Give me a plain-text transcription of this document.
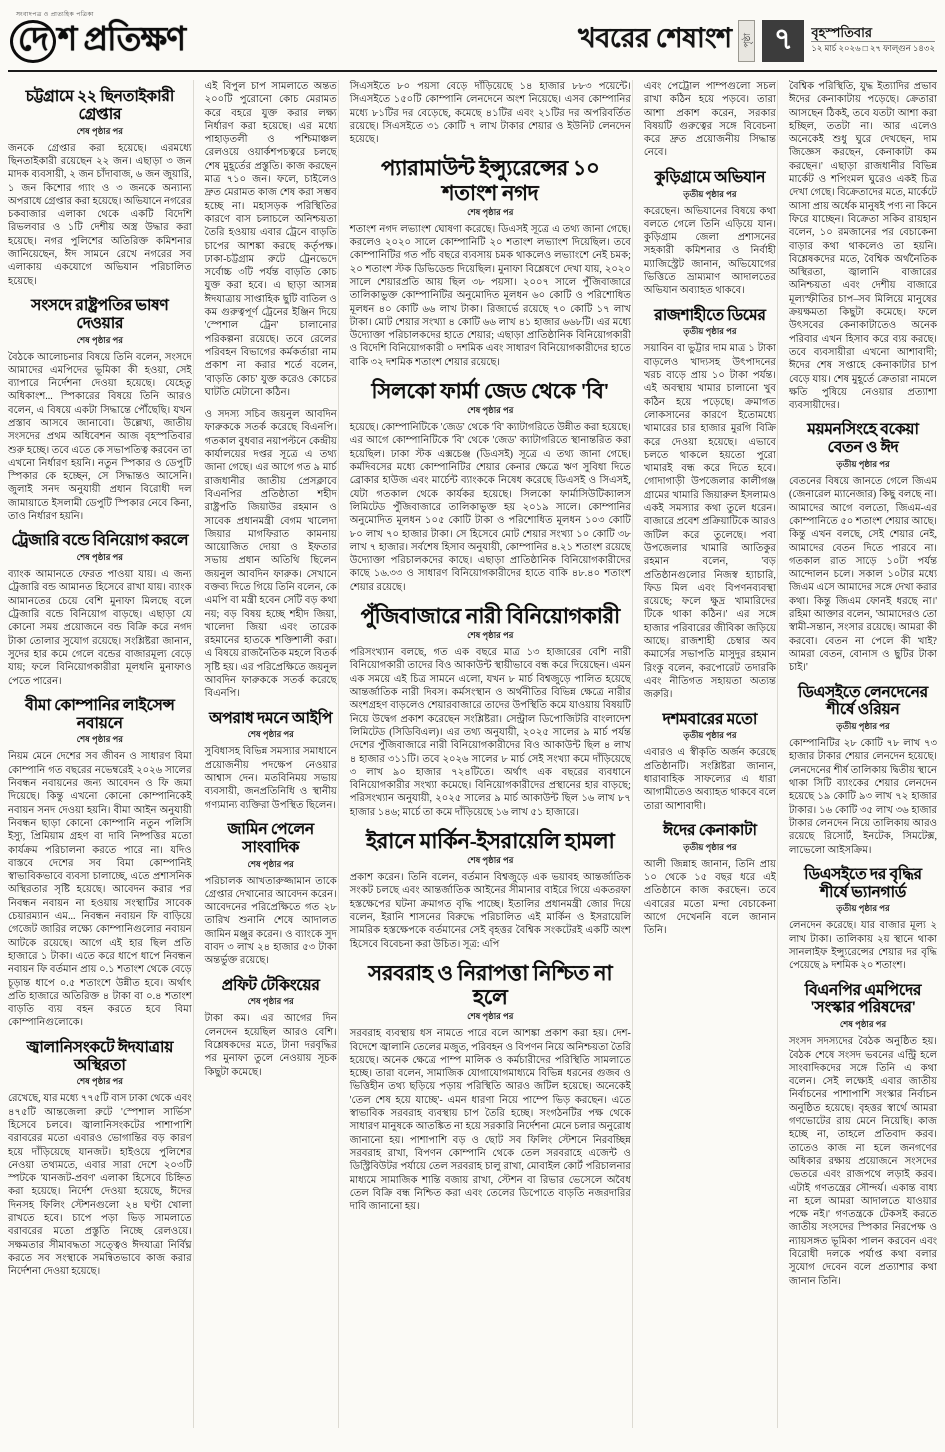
সংবাদপত্র ও প্রাত্যহিক পত্রিকা
দে শ প্রতিক্ষণ	খবরের শেষাংশ	পৃষ্ঠা ৭	বৃহস্পতিবার
১২ মার্চ ২০২৬ □ ২৭ ফাল্গুন ১৪৩২
চট্টগ্রামে ২২ ছিনতাইকারী গ্রেপ্তার
শেষ পৃষ্ঠার পর

জনকে গ্রেপ্তার করা হয়েছে। এরমধ্যে ছিনতাইকারী রয়েছেন ২২ জন। এছাড়া ৩ জন মাদক ব্যবসায়ী, ২ জন চাঁদাবাজ, ৬ জন জুয়ারি, ১ জন কিশোর গ্যাং ও ৩ জনকে অন্যান্য অপরাধে গ্রেপ্তার করা হয়েছে। অভিযানে নগরের চকবাজার এলাকা থেকে একটি বিদেশি রিভলবার ও ১টি দেশীয় অস্ত্র উদ্ধার করা হয়েছে। নগর পুলিশের অতিরিক্ত কমিশনার জানিয়েছেন, ঈদ সামনে রেখে নগরের সব এলাকায় একযোগে অভিযান পরিচালিত হয়েছে।

সংসদে রাষ্ট্রপতির ভাষণ দেওয়ার
শেষ পৃষ্ঠার পর

বৈঠকে আলোচনার বিষয়ে তিনি বলেন, সংসদে আমাদের এমপিদের ভূমিকা কী হওয়া, সেই ব্যাপারে নির্দেশনা দেওয়া হয়েছে। যেহেতু অধিকাংশ... স্পিকারের বিষয়ে তিনি আরও বলেন, এ বিষয়ে একটা সিদ্ধান্তে পৌঁছেছি। যখন প্রস্তাব আসবে জানাবো। উল্লেখ্য, জাতীয় সংসদের প্রথম অধিবেশন আজ বৃহস্পতিবার শুরু হচ্ছে। তবে এতে কে সভাপতিত্ব করবেন তা এখনো নির্ধারণ হয়নি। নতুন স্পিকার ও ডেপুটি স্পিকার কে হচ্ছেন, সে সিদ্ধান্তও আসেনি। জুলাই সনদ অনুযায়ী প্রধান বিরোধী দল জামায়াতে ইসলামী ডেপুটি স্পিকার নেবে কিনা, তাও নির্ধারণ হয়নি।

ট্রেজারি বন্ডে বিনিয়োগ করলে
শেষ পৃষ্ঠার পর

ব্যাংক আমানতে ফেরত পাওয়া যায়। এ জন্য ট্রেজারি বন্ড আমানত হিসেবে রাখা যায়। ব্যাংক আমানতের চেয়ে বেশি মুনাফা মিলছে বলে ট্রেজারি বন্ডে বিনিয়োগ বাড়ছে। এছাড়া যে কোনো সময় প্রয়োজনে বন্ড বিক্রি করে নগদ টাকা তোলার সুযোগ রয়েছে। সংশ্লিষ্টরা জানান, সুদের হার কমে গেলে বন্ডের বাজারমূল্য বেড়ে যায়; ফলে বিনিয়োগকারীরা মূলধনি মুনাফাও পেতে পারেন।

বীমা কোম্পানির লাইসেন্স নবায়নে
শেষ পৃষ্ঠার পর

নিয়ম মেনে দেশের সব জীবন ও সাধারণ বিমা কোম্পানি গত বছরের নভেম্বরেই ২০২৬ সালের নিবন্ধন নবায়নের জন্য আবেদন ও ফি জমা দিয়েছে। কিন্তু এখনো কোনো কোম্পানিকেই নবায়ন সনদ দেওয়া হয়নি। বীমা আইন অনুযায়ী নিবন্ধন ছাড়া কোনো কোম্পানি নতুন পলিসি ইস্যু, প্রিমিয়াম গ্রহণ বা দাবি নিষ্পত্তির মতো কার্যক্রম পরিচালনা করতে পারে না। যদিও বাস্তবে দেশের সব বিমা কোম্পানিই স্বাভাবিকভাবে ব্যবসা চালাচ্ছে, এতে প্রশাসনিক অস্থিরতার সৃষ্টি হয়েছে। আবেদন করার পর নিবন্ধন নবায়ন না হওয়ায় সংস্থাটির সাবেক চেয়ারম্যান এম... নিবন্ধন নবায়ন ফি বাড়িয়ে গেজেট জারির লক্ষ্যে কোম্পানিগুলোর নবায়ন আটকে রয়েছে। আগে এই হার ছিল প্রতি হাজারে ১ টাকা। এতে করে ধাপে ধাপে নিবন্ধন নবায়ন ফি বর্তমান প্রায় ০.১ শতাংশ থেকে বেড়ে চূড়ান্ত ধাপে ০.৫ শতাংশে উন্নীত হবে। অর্থাৎ প্রতি হাজারে অতিরিক্ত ৪ টাকা বা ০.৪ শতাংশ বাড়তি ব্যয় বহন করতে হবে বিমা কোম্পানিগুলোকে।

জ্বালানিসংকটে ঈদযাত্রায় অস্থিরতা
শেষ পৃষ্ঠার পর

রেখেছে, যার মধ্যে ৭৭৫টি বাস ঢাকা থেকে এবং ৪৭৫টি আন্তজেলা রুটে 'স্পেশাল সার্ভিস' হিসেবে চলবে। জ্বালানিসংকটের পাশাপাশি বরাবরের মতো এবারও ভোগান্তির বড় কারণ হয়ে দাঁড়িয়েছে যানজট। হাইওয়ে পুলিশের নেওয়া তথ্যমতে, এবার সারা দেশে ২০৩টি স্পটকে 'যানজট-প্রবণ' এলাকা হিসেবে চিহ্নিত করা হয়েছে। নির্দেশ দেওয়া হয়েছে, ঈদের দিনসহ ফিলিং স্টেশনগুলো ২৪ ঘণ্টা খোলা রাখতে হবে। চাপে পড়া ভিড় সামলাতে বরাবরের মতো প্রস্তুতি নিচ্ছে রেলওয়ে। সক্ষমতার সীমাবদ্ধতা সত্ত্বেও ঈদযাত্রা নির্বিঘ্ন করতে সব সংস্থাকে সমন্বিতভাবে কাজ করার নির্দেশনা দেওয়া হয়েছে।

এই বিপুল চাপ সামলাতে অন্তত ২০০টি পুরোনো কোচ মেরামত করে বহরে যুক্ত করার লক্ষ্য নির্ধারণ করা হয়েছে। এর মধ্যে পাহাড়তলী ও পশ্চিমাঞ্চল রেলওয়ে ওয়ার্কশপচত্বরে চলছে শেষ মুহূর্তের প্রস্তুতি। কাজ করছেন মাত্র ৭১০ জন। ফলে, চাইলেও দ্রুত মেরামত কাজ শেষ করা সম্ভব হচ্ছে না। মহাসড়ক পরিস্থিতির কারণে বাস চলাচলে অনিশ্চয়তা তৈরি হওয়ায় এবার ট্রেনে বাড়তি চাপের আশঙ্কা করছে কর্তৃপক্ষ। ঢাকা-চট্টগ্রাম রুটে ট্রেনভেদে সর্বোচ্চ ৩টি পর্যন্ত বাড়তি কোচ যুক্ত করা হবে। এ ছাড়া আসন্ন ঈদযাত্রায় সাপ্তাহিক ছুটি বাতিল ও কম গুরুত্বপূর্ণ ট্রেনের ইঞ্জিন দিয়ে 'স্পেশাল ট্রেন' চালানোর পরিকল্পনা রয়েছে। তবে রেলের পরিবহন বিভাগের কর্মকর্তারা নাম প্রকাশ না করার শর্তে বলেন, 'বাড়তি কোচ' যুক্ত করেও কোচের ঘাটতি মেটানো কঠিন।

ও সদস্য সচিব জয়নুল আবদিন ফারুককে সতর্ক করেছে বিএনপি। গতকাল বুধবার নয়াপল্টনে কেন্দ্রীয় কার্যালয়ের দপ্তর সূত্রে এ তথ্য জানা গেছে। এর আগে গত ৯ মার্চ রাজধানীর জাতীয় প্রেসক্লাবে বিএনপির প্রতিষ্ঠাতা শহীদ রাষ্ট্রপতি জিয়াউর রহমান ও সাবেক প্রধানমন্ত্রী বেগম খালেদা জিয়ার মাগফিরাত কামনায় আয়োজিত দোয়া ও ইফতার সভায় প্রধান অতিথি ছিলেন জয়নুল আবদিন ফারুক। সেখানে বক্তব্য দিতে গিয়ে তিনি বলেন, কে এমপি বা মন্ত্রী হবেন সেটি বড় কথা নয়; বড় বিষয় হচ্ছে শহীদ জিয়া, খালেদা জিয়া এবং তারেক রহমানের হাতকে শক্তিশালী করা। এ বিষয়ে রাজনৈতিক মহলে বিতর্ক সৃষ্টি হয়। এর পরিপ্রেক্ষিতে জয়নুল আবদিন ফারুককে সতর্ক করেছে বিএনপি।

অপরাধ দমনে আইপি
শেষ পৃষ্ঠার পর

সুবিধাসহ বিভিন্ন সমস্যার সমাধানে প্রয়োজনীয় পদক্ষেপ নেওয়ার আশ্বাস দেন। মতবিনিময় সভায় ব্যবসায়ী, জনপ্রতিনিধি ও স্থানীয় গণ্যমান্য ব্যক্তিরা উপস্থিত ছিলেন।

জামিন পেলেন সাংবাদিক
শেষ পৃষ্ঠার পর

পরিচালক আখতারুজ্জামান তাকে গ্রেপ্তার দেখানোর আবেদন করেন। আবেদনের পরিপ্রেক্ষিতে গত ২৮ তারিখ শুনানি শেষে আদালত জামিন মঞ্জুর করেন। ও ব্যাংকে সুদ বাবদ ৩ লাখ ২৪ হাজার ৫৩ টাকা অন্তর্ভুক্ত রয়েছে।

প্রফিট টেকিংয়ের
শেষ পৃষ্ঠার পর

টাকা কম। এর আগের দিন লেনদেন হয়েছিল আরও বেশি। বিশ্লেষকদের মতে, টানা দরবৃদ্ধির পর মুনাফা তুলে নেওয়ায় সূচক কিছুটা কমেছে।

সিএসইতে ৮০ পয়সা বেড়ে দাঁড়িয়েছে ১৪ হাজার ৮৮৩ পয়েন্টে। সিএসইতে ১৫০টি কোম্পানি লেনদেনে অংশ নিয়েছে। এসব কোম্পানির মধ্যে ৮১টির দর বেড়েছে, কমেছে ৪১টির এবং ২১টির দর অপরিবর্তিত রয়েছে। সিএসইতে ৩১ কোটি ৭ লাখ টাকার শেয়ার ও ইউনিট লেনদেন হয়েছে।

প্যারামাউন্ট ইন্স্যুরেন্সের ১০ শতাংশ নগদ
শেষ পৃষ্ঠার পর

শতাংশ নগদ লভ্যাংশ ঘোষণা করেছে। ডিএসই সূত্রে এ তথ্য জানা গেছে। করলেও ২০২০ সালে কোম্পানিটি ২০ শতাংশ লভ্যাংশ দিয়েছিল। তবে কোম্পানিটির গত পাঁচ বছরে ব্যবসায় চমক থাকলেও লভ্যাংশে নেই চমক; ২০ শতাংশ স্টক ডিভিডেন্ড দিয়েছিল। মুনাফা বিশ্লেষণে দেখা যায়, ২০২০ সালে শেয়ারপ্রতি আয় ছিল ৩৮ পয়সা। ২০০৭ সালে পুঁজিবাজারে তালিকাভুক্ত কোম্পানিটির অনুমোদিত মূলধন ৬০ কোটি ও পরিশোধিত মূলধন ৪০ কোটি ৬৬ লাখ টাকা। রিজার্ভে রয়েছে ৭০ কোটি ১৭ লাখ টাকা। মোট শেয়ার সংখ্যা ৪ কোটি ৬৬ লাখ ৪১ হাজার ৬৬৮টি। এর মধ্যে উদ্যোক্তা পরিচালকদের হাতে শেয়ার; এছাড়া প্রাতিষ্ঠানিক বিনিয়োগকারী ও বিদেশি বিনিয়োগকারী ০ দশমিক এবং সাধারণ বিনিয়োগকারীদের হাতে বাকি ৩২ দশমিক শতাংশ শেয়ার রয়েছে।

সিলকো ফার্মা জেড থেকে 'বি'
শেষ পৃষ্ঠার পর

হয়েছে। কোম্পানিটিকে 'জেড' থেকে 'বি' ক্যাটাগরিতে উন্নীত করা হয়েছে। এর আগে কোম্পানিটিকে 'বি' থেকে 'জেড' ক্যাটাগরিতে স্থানান্তরিত করা হয়েছিল। ঢাকা স্টক এক্সচেঞ্জ (ডিএসই) সূত্রে এ তথ্য জানা গেছে। কর্মদিবসের মধ্যে কোম্পানিটির শেয়ার কেনার ক্ষেত্রে ঋণ সুবিধা দিতে ব্রোকার হাউজ এবং মার্চেন্ট ব্যাংককে নিষেধ করেছে ডিএসই ও সিএসই, যেটা গতকাল থেকে কার্যকর হয়েছে। সিলকো ফার্মাসিউটিক্যালস লিমিটেড পুঁজিবাজারে তালিকাভুক্ত হয় ২০১৯ সালে। কোম্পানির অনুমোদিত মূলধন ১০৫ কোটি টাকা ও পরিশোধিত মূলধন ১০৩ কোটি ৮০ লাখ ৭০ হাজার টাকা। সে হিসেবে মোট শেয়ার সংখ্যা ১০ কোটি ৩৮ লাখ ৭ হাজার। সর্বশেষ হিসাব অনুযায়ী, কোম্পানির ৪.২১ শতাংশ রয়েছে উদ্যোক্তা পরিচালকদের কাছে। এছাড়া প্রাতিষ্ঠানিক বিনিয়োগকারীদের কাছে ১৬.৩৩ ও সাধারণ বিনিয়োগকারীদের হাতে বাকি ৪৮.৪০ শতাংশ শেয়ার রয়েছে।

পুঁজিবাজারে নারী বিনিয়োগকারী
শেষ পৃষ্ঠার পর

পরিসংখ্যান বলছে, গত এক বছরে মাত্র ১৩ হাজারের বেশি নারী বিনিয়োগকারী তাদের বিও আকাউন্ট স্থায়ীভাবে বন্ধ করে দিয়েছেন। এমন এক সময়ে এই চিত্র সামনে এলো, যখন ৮ মার্চ বিশ্বজুড়ে পালিত হয়েছে আন্তর্জাতিক নারী দিবস। কর্মসংস্থান ও অর্থনীতির বিভিন্ন ক্ষেত্রে নারীর অংশগ্রহণ বাড়লেও শেয়ারবাজারে তাদের উপস্থিতি কমে যাওয়ায় বিষয়টি নিয়ে উদ্বেগ প্রকাশ করেছেন সংশ্লিষ্টরা। সেন্ট্রাল ডিপোজিটরি বাংলাদেশ লিমিটেড (সিডিবিএল)। এর তথ্য অনুযায়ী, ২০২৫ সালের ৯ মার্চ পর্যন্ত দেশের পুঁজিবাজারে নারী বিনিয়োগকারীদের বিও আকাউন্ট ছিল ৪ লাখ ৪ হাজার ৩১১টি। তবে ২০২৬ সালের ৮ মার্চ সেই সংখ্যা কমে দাঁড়িয়েছে ৩ লাখ ৯০ হাজার ৭২৪টিতে। অর্থাৎ এক বছরের ব্যবধানে বিনিয়োগকারীর সংখ্যা কমেছে। বিনিয়োগকারীদের প্রস্থানের হার বাড়ছে; পরিসংখ্যান অনুযায়ী, ২০২৫ সালের ৯ মার্চ আকাউন্ট ছিল ১৬ লাখ ৮৭ হাজার ১৪৬; মার্চে তা কমে দাঁড়িয়েছে ১৬ লাখ ৫১ হাজারে।

ইরানে মার্কিন-ইসরায়েলি হামলা
শেষ পৃষ্ঠার পর

প্রকাশ করেন। তিনি বলেন, বর্তমান বিশ্বজুড়ে এক ভয়াবহ আন্তর্জাতিক সংকট চলছে এবং আন্তর্জাতিক আইনের সীমানার বাইরে গিয়ে একতরফা হস্তক্ষেপের ঘটনা ক্রমাগত বৃদ্ধি পাচ্ছে। ইতালির প্রধানমন্ত্রী জোর দিয়ে বলেন, ইরানি শাসনের বিরুদ্ধে পরিচালিত এই মার্কিন ও ইসরায়েলি সামরিক হস্তক্ষেপকে বর্তমানের সেই বৃহত্তর বৈশ্বিক সংকটেরই একটি অংশ হিসেবে বিবেচনা করা উচিত। সূত্র: এপি

সরবরাহ ও নিরাপত্তা নিশ্চিত না হলে
শেষ পৃষ্ঠার পর

সরবরাহ ব্যবস্থায় ধস নামতে পারে বলে আশঙ্কা প্রকাশ করা হয়। দেশ-বিদেশে জ্বালানি তেলের মজুত, পরিবহন ও বিপণন নিয়ে অনিশ্চয়তা তৈরি হয়েছে। অনেক ক্ষেত্রে পাম্প মালিক ও কর্মচারীদের পরিস্থিতি সামলাতে হচ্ছে। তারা বলেন, সামাজিক যোগাযোগমাধ্যমে বিভিন্ন ধরনের গুজব ও ভিত্তিহীন তথ্য ছড়িয়ে পড়ায় পরিস্থিতি আরও জটিল হয়েছে। অনেকেই 'তেল শেষ হয়ে যাচ্ছে'- এমন ধারণা নিয়ে পাম্পে ভিড় করছেন। এতে স্বাভাবিক সরবরাহ ব্যবস্থায় চাপ তৈরি হচ্ছে। সংগঠনটির পক্ষ থেকে সাধারণ মানুষকে আতঙ্কিত না হয়ে সরকারি নির্দেশনা মেনে চলার অনুরোধ জানানো হয়। পাশাপাশি বড় ও ছোট সব ফিলিং স্টেশনে নিরবচ্ছিন্ন সরবরাহ রাখা, বিপণন কোম্পানি থেকে তেল সরবরাহে এজেন্ট ও ডিস্ট্রিবিউটর পর্যায়ে তেল সরবরাহ চালু রাখা, মোবাইল কোর্ট পরিচালনার মাধ্যমে সামাজিক শান্তি বজায় রাখা, স্টেশন বা রিভার ভেসেলে অবৈধ তেল বিক্রি বন্ধ নিশ্চিত করা এবং তেলের ডিপোতে বাড়তি নজরদারির দাবি জানানো হয়।

এবং পেট্রোল পাম্পগুলো সচল রাখা কঠিন হয়ে পড়বে। তারা আশা প্রকাশ করেন, সরকার বিষয়টি গুরুত্বের সঙ্গে বিবেচনা করে দ্রুত প্রয়োজনীয় সিদ্ধান্ত নেবে।

কুড়িগ্রামে অভিযান
তৃতীয় পৃষ্ঠার পর

করেছেন। অভিযানের বিষয়ে কথা বলতে গেলে তিনি এড়িয়ে যান। কুড়িগ্রাম জেলা প্রশাসনের সহকারী কমিশনার ও নির্বাহী ম্যাজিস্ট্রেট জানান, অভিযোগের ভিত্তিতে ভ্রাম্যমাণ আদালতের অভিযান অব্যাহত থাকবে।

রাজশাহীতে ডিমের
তৃতীয় পৃষ্ঠার পর

সয়াবিন বা ভুট্টার দাম মাত্র ১ টাকা বাড়লেও খাদ্যসহ উৎপাদনের খরচ বাড়ে প্রায় ১০ টাকা পর্যন্ত। এই অবস্থায় খামার চালানো খুব কঠিন হয়ে পড়েছে। ক্রমাগত লোকসানের কারণে ইতোমধ্যে খামারের চার হাজার মুরগি বিক্রি করে দেওয়া হয়েছে। এভাবে চলতে থাকলে হয়তো পুরো খামারই বন্ধ করে দিতে হবে। গোদাগাড়ী উপজেলার কালীগঞ্জ গ্রামের খামারি জিয়ারুল ইসলামও একই সমস্যার কথা তুলে ধরেন। বাজারে প্রবেশ প্রক্রিয়াটিকে আরও জটিল করে তুলেছে। পবা উপজেলার খামারি আতিকুর রহমান বলেন, 'বড় প্রতিষ্ঠানগুলোর নিজস্ব হ্যাচারি, ফিড মিল এবং বিপণনব্যবস্থা রয়েছে; ফলে ক্ষুদ্র খামারিদের টিকে থাকা কঠিন।' এর সঙ্গে হাজার পরিবারের জীবিকা জড়িয়ে আছে। রাজশাহী চেম্বার অব কমার্সের সভাপতি মাসুদুর রহমান রিংকু বলেন, করপোরেট তদারকি এবং নীতিগত সহায়তা অত্যন্ত জরুরি।

দশমবারের মতো
তৃতীয় পৃষ্ঠার পর

এবারও এ স্বীকৃতি অর্জন করেছে প্রতিষ্ঠানটি। সংশ্লিষ্টরা জানান, ধারাবাহিক সাফল্যের এ ধারা আগামীতেও অব্যাহত থাকবে বলে তারা আশাবাদী।

ঈদের কেনাকাটা
তৃতীয় পৃষ্ঠার পর

আলী জিন্নাহ জানান, তিনি প্রায় ১০ থেকে ১৫ বছর ধরে এই প্রতিষ্ঠানে কাজ করছেন। তবে এবারের মতো মন্দা বেচাকেনা আগে দেখেননি বলে জানান তিনি।

বৈশ্বিক পরিস্থিতি, যুদ্ধ ইত্যাদির প্রভাব ঈদের কেনাকাটায় পড়েছে। ক্রেতারা আসছেন ঠিকই, তবে যতটা আশা করা হচ্ছিল, ততটা না। আর এলেও অনেকেই শুধু ঘুরে দেখছেন, দাম জিজ্ঞেস করছেন, কেনাকাটা কম করছেন।' এছাড়া রাজধানীর বিভিন্ন মার্কেট ও শপিংমল ঘুরেও একই চিত্র দেখা গেছে। বিক্রেতাদের মতে, মার্কেটে আসা প্রায় অর্ধেক মানুষই পণ্য না কিনে ফিরে যাচ্ছেন। বিক্রেতা সকিব রায়হান বলেন, ১০ রমজানের পর বেচাকেনা বাড়ার কথা থাকলেও তা হয়নি। বিশ্লেষকদের মতে, বৈশ্বিক অর্থনৈতিক অস্থিরতা, জ্বালানি বাজারের অনিশ্চয়তা এবং দেশীয় বাজারে মূল্যস্ফীতির চাপ–সব মিলিয়ে মানুষের ক্রয়ক্ষমতা কিছুটা কমেছে। ফলে উৎসবের কেনাকাটাতেও অনেক পরিবার এখন হিসাব করে ব্যয় করছে। তবে ব্যবসায়ীরা এখনো আশাবাদী; ঈদের শেষ সপ্তাহে কেনাকাটার চাপ বেড়ে যায়। শেষ মুহূর্তে ক্রেতারা নামলে ক্ষতি পুষিয়ে নেওয়ার প্রত্যাশা ব্যবসায়ীদের।

ময়মনসিংহে বকেয়া বেতন ও ঈদ
তৃতীয় পৃষ্ঠার পর

বেতনের বিষয়ে জানতে গেলে জিএম (জেনারেল ম্যানেজার) কিছু বলছে না। আমাদের আগে বলতো, জিএম-এর কোম্পানিতে ৫০ শতাংশ শেয়ার আছে। কিন্তু এখন বলছে, সেই শেয়ার নেই, আমাদের বেতন দিতে পারবে না। গতকাল রাত সাড়ে ১০টা পর্যন্ত আন্দোলন চলে। সকাল ১০টার মধ্যে জিএম এসে আমাদের সঙ্গে দেখা করার কথা। কিন্তু জিএম ফোনই ধরছে না।' রহিমা আক্তার বলেন, 'আমাদেরও তো স্বামী-সন্তান, সংসার রয়েছে। আমরা কী করবো। বেতন না পেলে কী খাই? আমরা বেতন, বোনাস ও ছুটির টাকা চাই।'

ডিএসইতে লেনদেনের শীর্ষে ওরিয়ন
তৃতীয় পৃষ্ঠার পর

কোম্পানিটির ২৮ কোটি ৭৮ লাখ ৭৩ হাজার টাকার শেয়ার লেনদেন হয়েছে। লেনদেনের শীর্ষ তালিকায় দ্বিতীয় স্থানে থাকা সিটি ব্যাংকের শেয়ার লেনদেন হয়েছে ১৯ কোটি ৯৩ লাখ ৭২ হাজার টাকার। ১৬ কোটি ৩৫ লাখ ৩৬ হাজার টাকার লেনদেন নিয়ে তালিকায় আরও রয়েছে রিসোর্ট, ইনটেক, সিমটেক্স, লাভেলো আইসক্রিম।

ডিএসইতে দর বৃদ্ধির শীর্ষে ভ্যানগার্ড
তৃতীয় পৃষ্ঠার পর

লেনদেন করেছে। যার বাজার মূল্য ২ লাখ টাকা। তালিকায় ২য় স্থানে থাকা সানলাইফ ইন্স্যুরেন্সের শেয়ার দর বৃদ্ধি পেয়েছে ৯ দশমিক ২০ শতাংশ।

বিএনপির এমপিদের 'সংস্কার পরিষদের'
শেষ পৃষ্ঠার পর

সংসদ সদস্যদের বৈঠক অনুষ্ঠিত হয়। বৈঠক শেষে সংসদ ভবনের এন্ট্রি হলে সাংবাদিকদের সঙ্গে তিনি এ কথা বলেন। সেই লক্ষ্যেই এবার জাতীয় নির্বাচনের পাশাপাশি সংস্কার নির্বাচন অনুষ্ঠিত হয়েছে। বৃহত্তর স্বার্থে আমরা গণভোটের রায় মেনে নিয়েছি। কাজ হচ্ছে না, তাহলে প্রতিবাদ করব। তাতেও কাজ না হলে জনগণের অধিকার রক্ষায় প্রয়োজনে সংসদের ভেতরে এবং রাজপথে লড়াই করব। এটাই গণতন্ত্রের সৌন্দর্য। একান্ত বাধ্য না হলে আমরা আদালতে যাওয়ার পক্ষে নই।' গণতন্ত্রকে টেকসই করতে জাতীয় সংসদের স্পিকার নিরপেক্ষ ও ন্যায়সঙ্গত ভূমিকা পালন করবেন এবং বিরোধী দলকে পর্যাপ্ত কথা বলার সুযোগ দেবেন বলে প্রত্যাশার কথা জানান তিনি।
